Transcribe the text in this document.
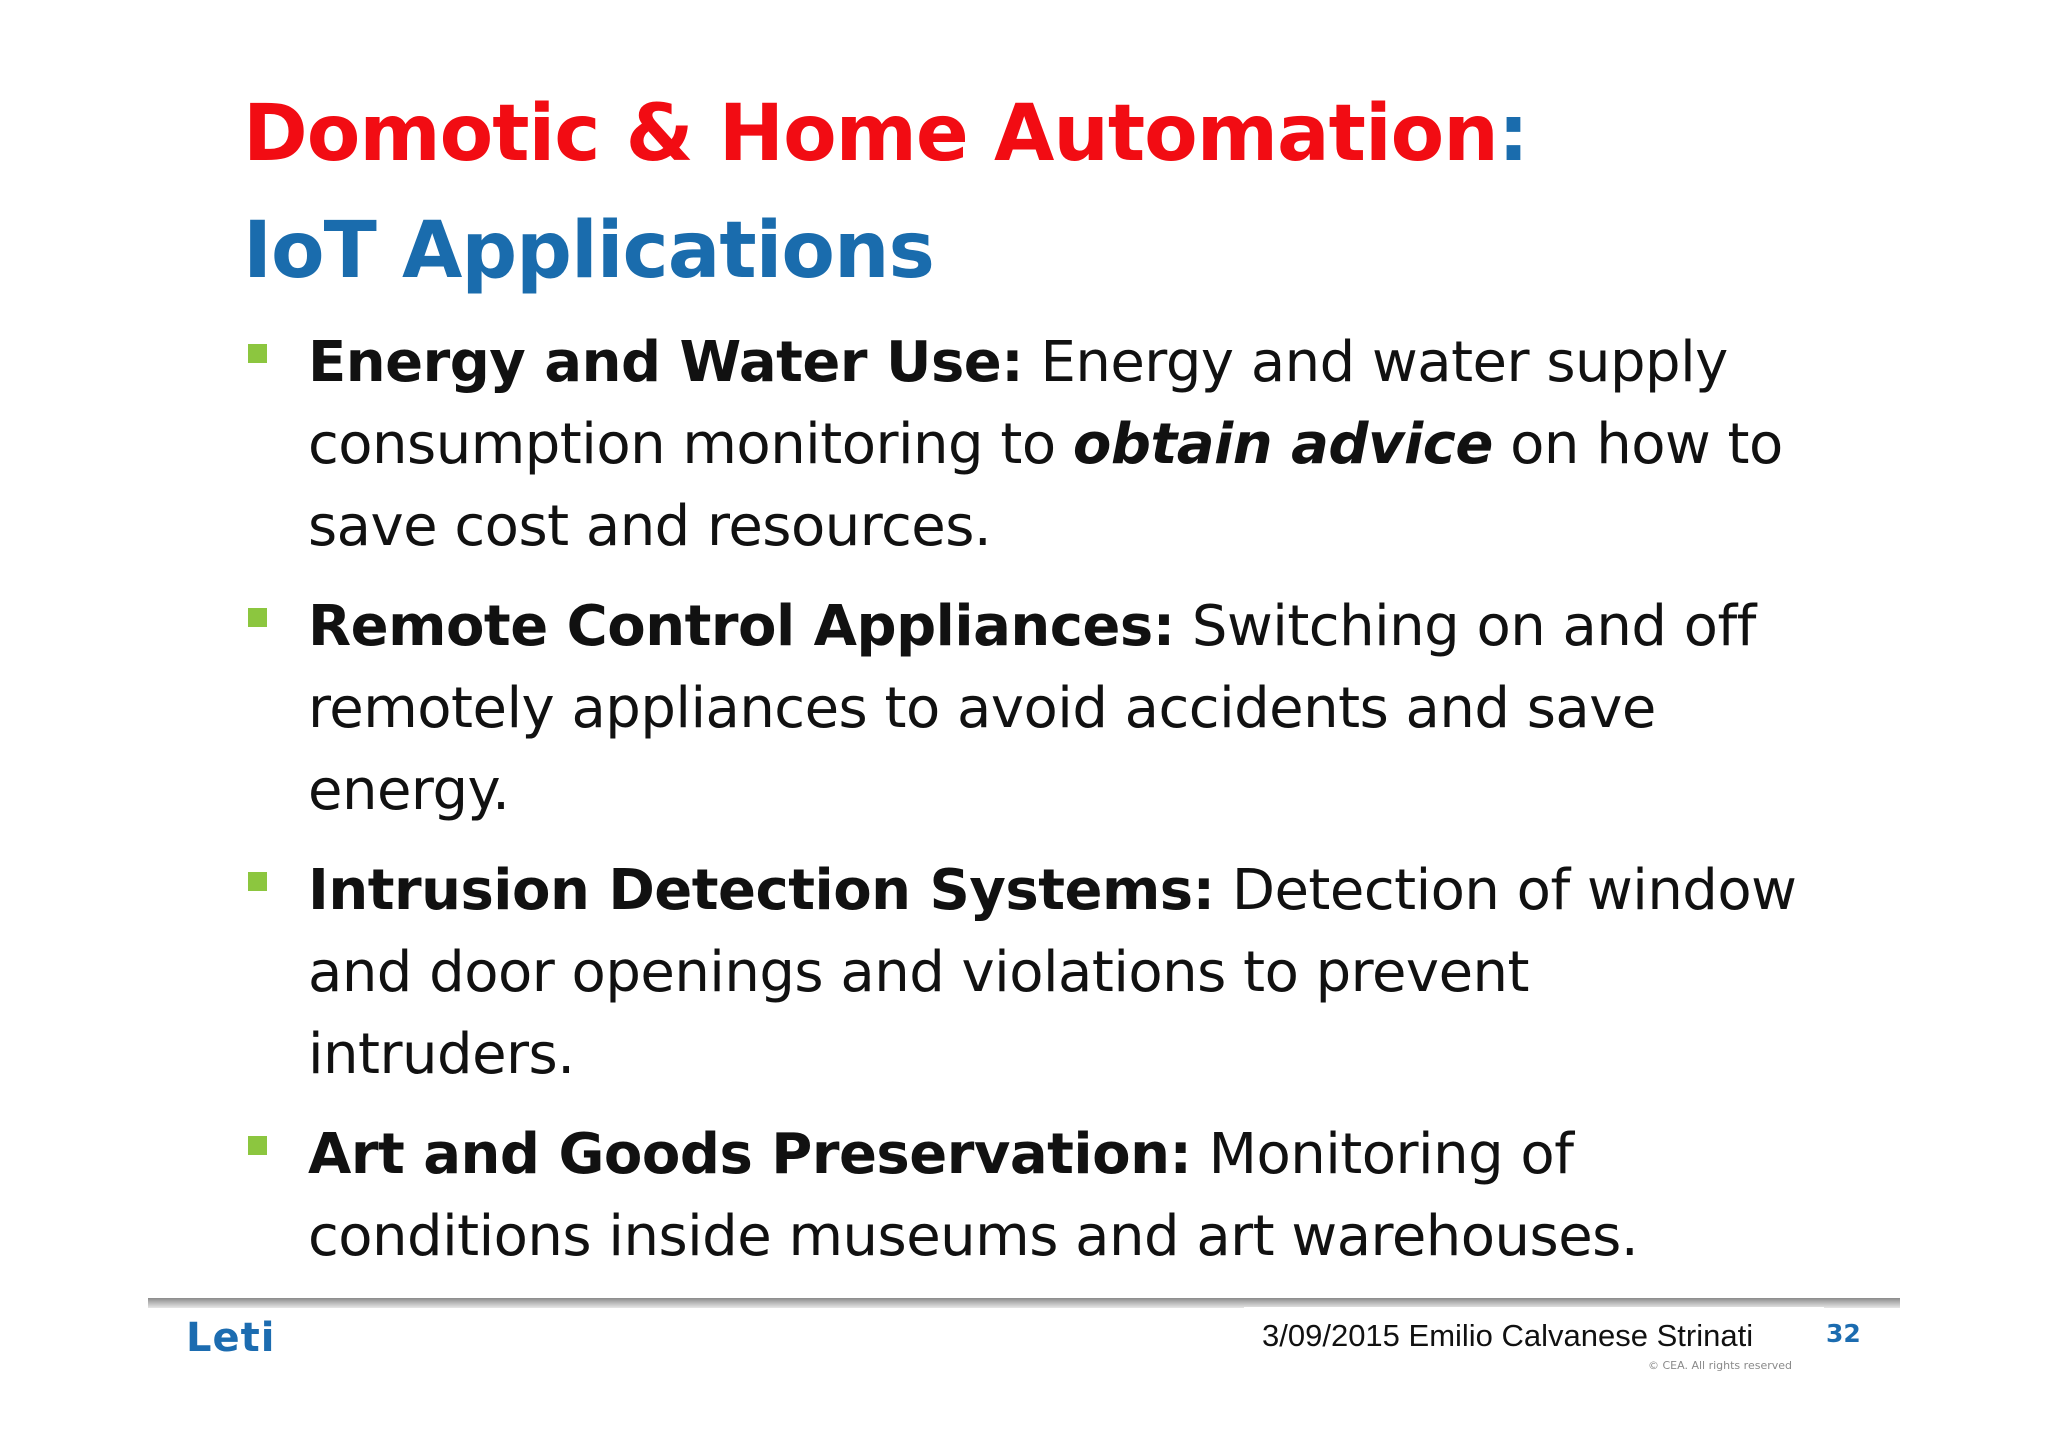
Domotic & Home Automation:
IoT Applications
Energy and Water Use: Energy and water supply consumption monitoring to obtain advice on how to save cost and resources.
Remote Control Appliances: Switching on and off remotely appliances to avoid accidents and save energy.
Intrusion Detection Systems: Detection of window and door openings and violations to prevent intruders.
Art and Goods Preservation: Monitoring of conditions inside museums and art warehouses.
Leti	3/09/2015 Emilio Calvanese Strinati	32
© CEA. All rights reserved
